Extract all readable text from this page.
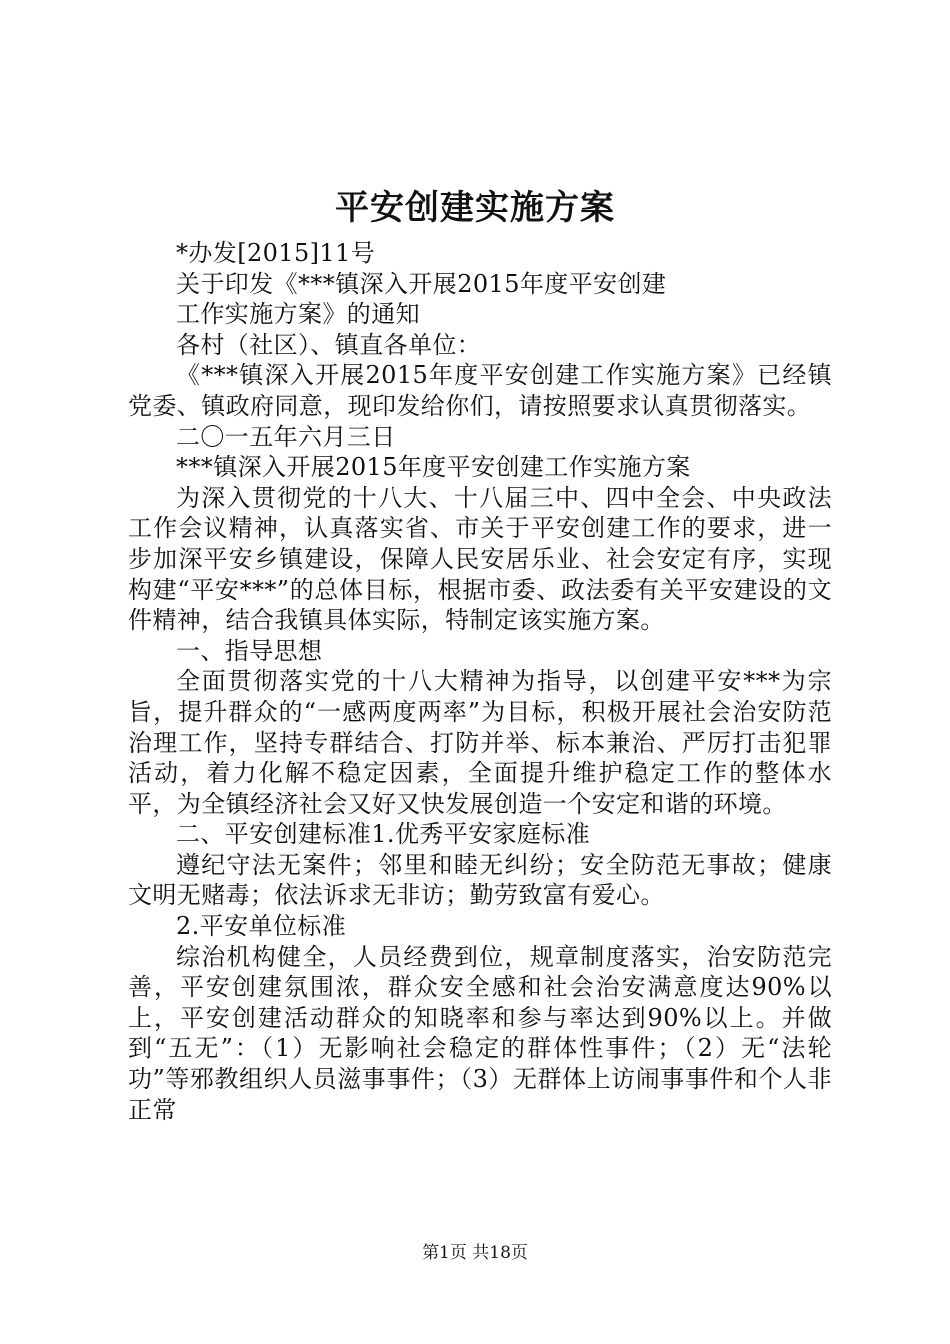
平安创建实施方案

*办发[2015]11号

关于印发《***镇深入开展2015年度平安创建

工作实施方案》的通知

各村（社区）、镇直各单位：

《***镇深入开展2015年度平安创建工作实施方案》已经镇党委、镇政府同意，现印发给你们，请按照要求认真贯彻落实。

二〇一五年六月三日

***镇深入开展2015年度平安创建工作实施方案

为深入贯彻党的十八大、十八届三中、四中全会、中央政法工作会议精神，认真落实省、市关于平安创建工作的要求，进一步加深平安乡镇建设，保障人民安居乐业、社会安定有序，实现构建“平安***”的总体目标，根据市委、政法委有关平安建设的文件精神，结合我镇具体实际，特制定该实施方案。

一、指导思想

全面贯彻落实党的十八大精神为指导，以创建平安***为宗旨，提升群众的“一感两度两率”为目标，积极开展社会治安防范治理工作，坚持专群结合、打防并举、标本兼治、严厉打击犯罪活动，着力化解不稳定因素，全面提升维护稳定工作的整体水平，为全镇经济社会又好又快发展创造一个安定和谐的环境。

二、平安创建标准1.优秀平安家庭标准

遵纪守法无案件；邻里和睦无纠纷；安全防范无事故；健康文明无赌毒；依法诉求无非访；勤劳致富有爱心。

2.平安单位标准

综治机构健全，人员经费到位，规章制度落实，治安防范完善，平安创建氛围浓，群众安全感和社会治安满意度达90%以上，平安创建活动群众的知晓率和参与率达到90%以上。并做到“五无”：（1）无影响社会稳定的群体性事件；（2）无“法轮功”等邪教组织人员滋事事件；（3）无群体上访闹事事件和个人非正常

第1页 共18页
